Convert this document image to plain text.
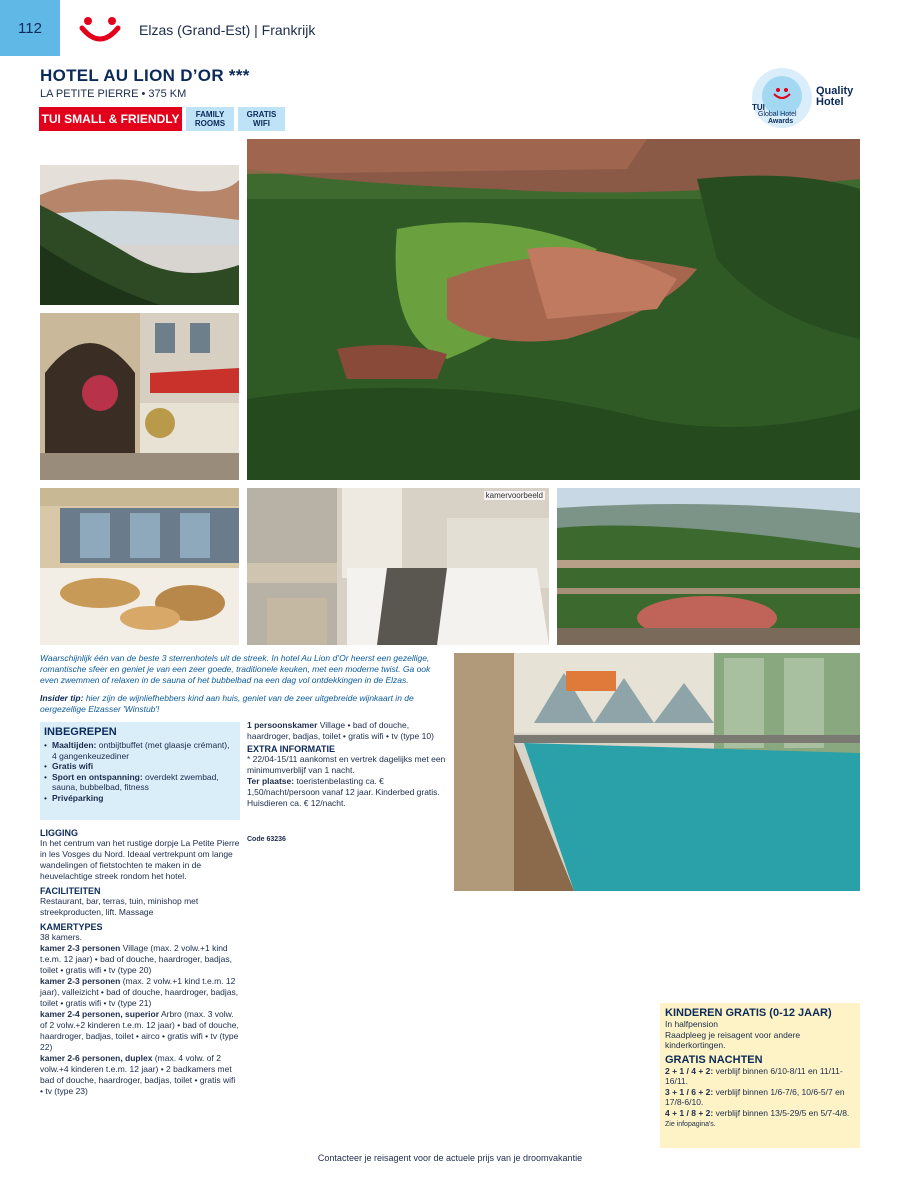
112	Elzas (Grand-Est) | Frankrijk
HOTEL AU LION D’OR ***
LA PETITE PIERRE • 375 KM
TUI SMALL & FRIENDLY	FAMILY ROOMS
GRATIS WIFI
TUI
Global Hotel
Awards
Quality
Hotel
kamervoorbeeld
Waarschijnlijk één van de beste 3 sterrenhotels uit de streek. In hotel Au Lion d’Or heerst een gezellige, romantische sfeer en geniet je van een zeer goede, traditionele keuken, met een moderne twist. Ga ook even zwemmen of relaxen in de sauna of het bubbelbad na een dag vol ontdekkingen in de Elzas.
Insider tip: hier zijn de wijnliefhebbers kind aan huis, geniet van de zeer uitgebreide wijnkaart in de oergezellige Elzasser 'Winstub'!
INBEGREPEN
• Maaltijden: ontbijtbuffet (met glaasje crémant), 4 gangenkeuzediner
• Gratis wifi
• Sport en ontspanning: overdekt zwembad, sauna, bubbelbad, fitness
• Privéparking
LIGGING
In het centrum van het rustige dorpje La Petite Pierre in les Vosges du Nord. Ideaal vertrekpunt om lange wandelingen of fietstochten te maken in de heuvelachtige streek rondom het hotel.
FACILITEITEN
Restaurant, bar, terras, tuin, minishop met streekproducten, lift. Massage
KAMERTYPES
38 kamers.
kamer 2-3 personen Village (max. 2 volw.+1 kind t.e.m. 12 jaar) • bad of douche, haardroger, badjas, toilet • gratis wifi • tv (type 20)
kamer 2-3 personen (max. 2 volw.+1 kind t.e.m. 12 jaar), valleizicht • bad of douche, haardroger, badjas, toilet • gratis wifi • tv (type 21)
kamer 2-4 personen, superior Arbro (max. 3 volw. of 2 volw.+2 kinderen t.e.m. 12 jaar) • bad of douche, haardroger, badjas, toilet • airco • gratis wifi • tv (type 22)
kamer 2-6 personen, duplex (max. 4 volw. of 2 volw.+4 kinderen t.e.m. 12 jaar) • 2 badkamers met bad of douche, haardroger, badjas, toilet • gratis wifi • tv (type 23)
1 persoonskamer Village • bad of douche, haardroger, badjas, toilet • gratis wifi • tv (type 10)
EXTRA INFORMATIE
* 22/04-15/11 aankomst en vertrek dagelijks met een minimumverblijf van 1 nacht.
Ter plaatse: toeristenbelasting ca. € 1,50/nacht/persoon vanaf 12 jaar. Kinderbed gratis. Huisdieren ca. € 12/nacht.
Code 63236
KINDEREN GRATIS (0-12 JAAR)
In halfpension
Raadpleeg je reisagent voor andere kinderkortingen.
GRATIS NACHTEN
2 + 1 / 4 + 2: verblijf binnen 6/10-8/11 en 11/11-16/11.
3 + 1 / 6 + 2: verblijf binnen 1/6-7/6, 10/6-5/7 en 17/8-6/10.
4 + 1 / 8 + 2: verblijf binnen 13/5-29/5 en 5/7-4/8.
Zie infopagina's.
Contacteer je reisagent voor de actuele prijs van je droomvakantie
